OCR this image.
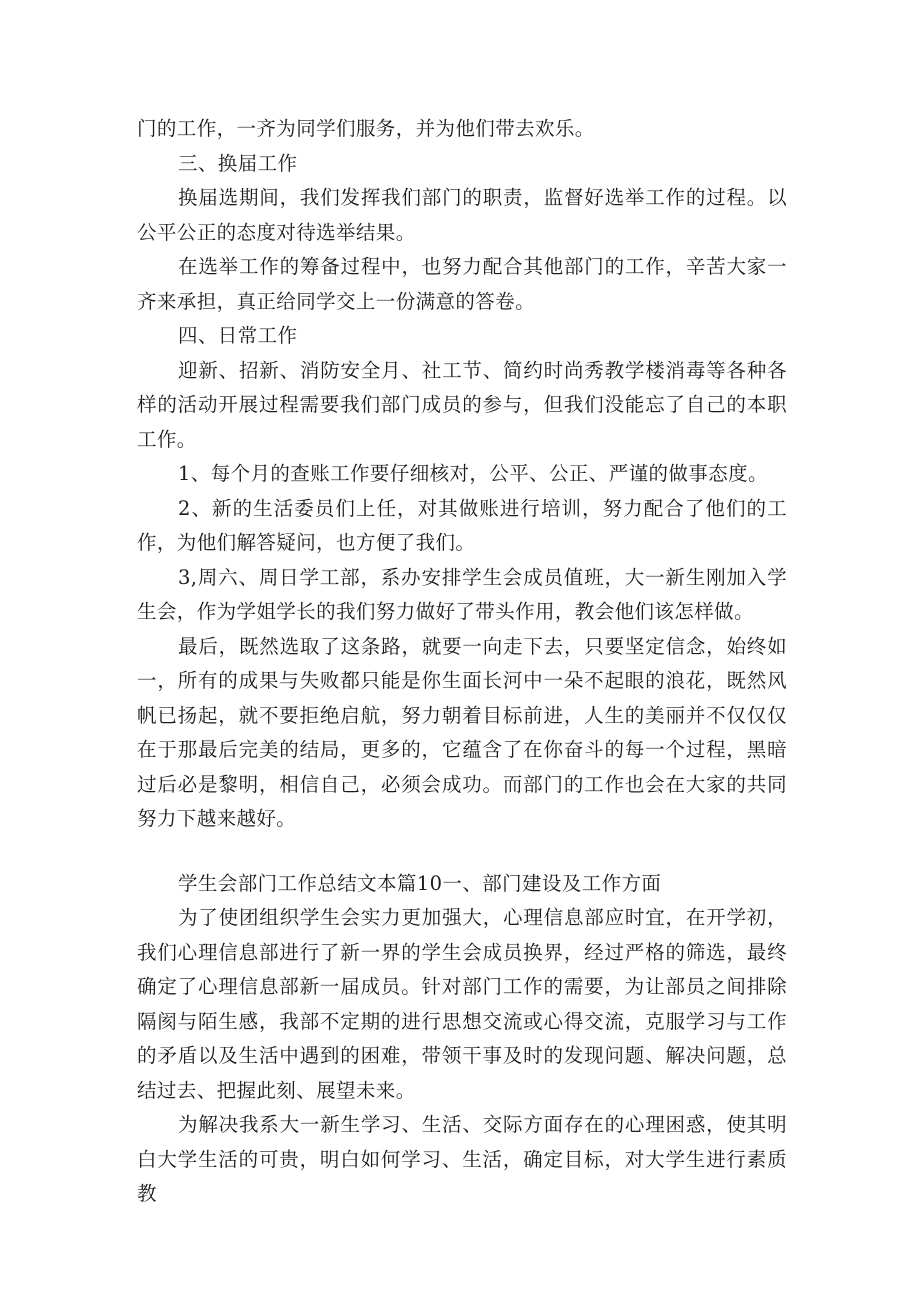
门的工作，一齐为同学们服务，并为他们带去欢乐。

三、换届工作

换届选期间，我们发挥我们部门的职责，监督好选举工作的过程。以公平公正的态度对待选举结果。

在选举工作的筹备过程中，也努力配合其他部门的工作，辛苦大家一齐来承担，真正给同学交上一份满意的答卷。

四、日常工作

迎新、招新、消防安全月、社工节、简约时尚秀教学楼消毒等各种各样的活动开展过程需要我们部门成员的参与，但我们没能忘了自己的本职工作。

1、每个月的查账工作要仔细核对，公平、公正、严谨的做事态度。

2、新的生活委员们上任，对其做账进行培训，努力配合了他们的工作，为他们解答疑问，也方便了我们。

3,周六、周日学工部，系办安排学生会成员值班，大一新生刚加入学生会，作为学姐学长的我们努力做好了带头作用，教会他们该怎样做。

最后，既然选取了这条路，就要一向走下去，只要坚定信念，始终如一，所有的成果与失败都只能是你生面长河中一朵不起眼的浪花，既然风帆已扬起，就不要拒绝启航，努力朝着目标前进，人生的美丽并不仅仅仅在于那最后完美的结局，更多的，它蕴含了在你奋斗的每一个过程，黑暗过后必是黎明，相信自己，必须会成功。而部门的工作也会在大家的共同努力下越来越好。

学生会部门工作总结文本篇10一、部门建设及工作方面

为了使团组织学生会实力更加强大，心理信息部应时宜，在开学初，我们心理信息部进行了新一界的学生会成员换界，经过严格的筛选，最终确定了心理信息部新一届成员。针对部门工作的需要，为让部员之间排除隔阂与陌生感，我部不定期的进行思想交流或心得交流，克服学习与工作的矛盾以及生活中遇到的困难，带领干事及时的发现问题、解决问题，总结过去、把握此刻、展望未来。

为解决我系大一新生学习、生活、交际方面存在的心理困惑，使其明白大学生活的可贵，明白如何学习、生活，确定目标，对大学生进行素质教
